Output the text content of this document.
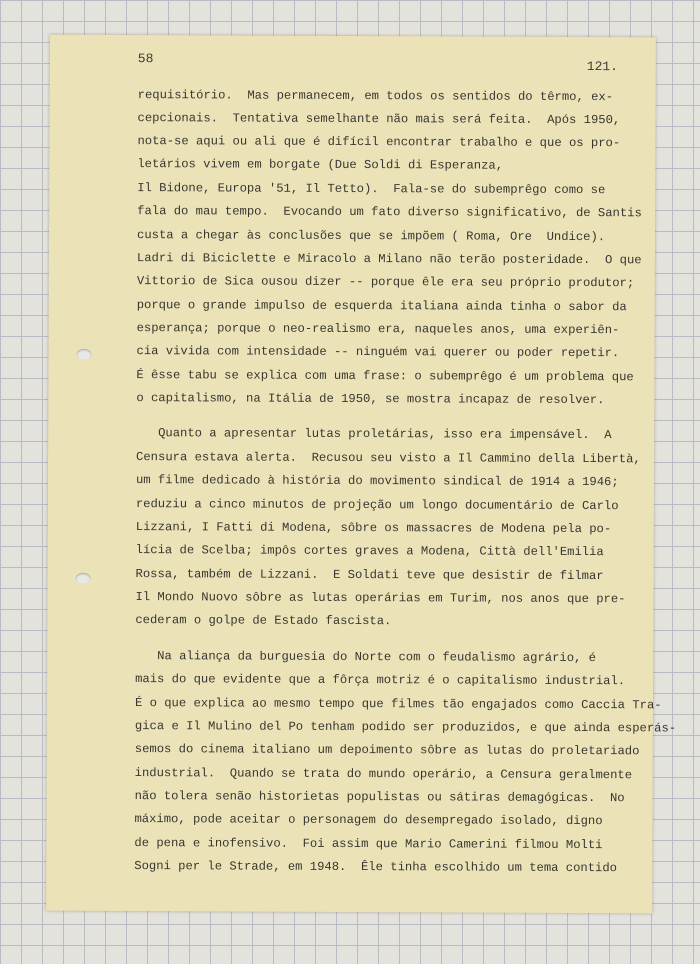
58
121.
requisitório.  Mas permanecem, em todos os sentidos do têrmo, ex-
cepcionais.  Tentativa semelhante não mais será feita.  Após 1950,
nota-se aqui ou ali que é difícil encontrar trabalho e que os pro-
letários vivem em borgate (Due Soldi di Esperanza,
Il Bidone, Europa '51, Il Tetto).  Fala-se do subemprêgo como se
fala do mau tempo.  Evocando um fato diverso significativo, de Santis
custa a chegar às conclusões que se impõem ( Roma, Ore  Undice).
Ladri di Biciclette e Miracolo a Milano não terão posteridade.  O que
Vittorio de Sica ousou dizer -- porque êle era seu próprio produtor;
porque o grande impulso de esquerda italiana ainda tinha o sabor da
esperança; porque o neo-realismo era, naqueles anos, uma experiên-
cia vivida com intensidade -- ninguém vai querer ou poder repetir.
É êsse tabu se explica com uma frase: o subemprêgo é um problema que
o capitalismo, na Itália de 1950, se mostra incapaz de resolver.
Quanto a apresentar lutas proletárias, isso era impensável.  A
Censura estava alerta.  Recusou seu visto a Il Cammino della Libertà,
um filme dedicado à história do movimento sindical de 1914 a 1946;
reduziu a cinco minutos de projeção um longo documentário de Carlo
Lizzani, I Fatti di Modena, sôbre os massacres de Modena pela po-
lícia de Scelba; impôs cortes graves a Modena, Città dell'Emilia
Rossa, também de Lizzani.  E Soldati teve que desistir de filmar
Il Mondo Nuovo sôbre as lutas operárias em Turim, nos anos que pre-
cederam o golpe de Estado fascista.
Na aliança da burguesia do Norte com o feudalismo agrário, é
mais do que evidente que a fôrça motriz é o capitalismo industrial.
É o que explica ao mesmo tempo que filmes tão engajados como Caccia Tra-
gica e Il Mulino del Po tenham podido ser produzidos, e que ainda esperás-
semos do cinema italiano um depoimento sôbre as lutas do proletariado
industrial.  Quando se trata do mundo operário, a Censura geralmente
não tolera senão historietas populistas ou sátiras demagógicas.  No
máximo, pode aceitar o personagem do desempregado isolado, digno
de pena e inofensivo.  Foi assim que Mario Camerini filmou Molti
Sogni per le Strade, em 1948.  Êle tinha escolhido um tema contido
